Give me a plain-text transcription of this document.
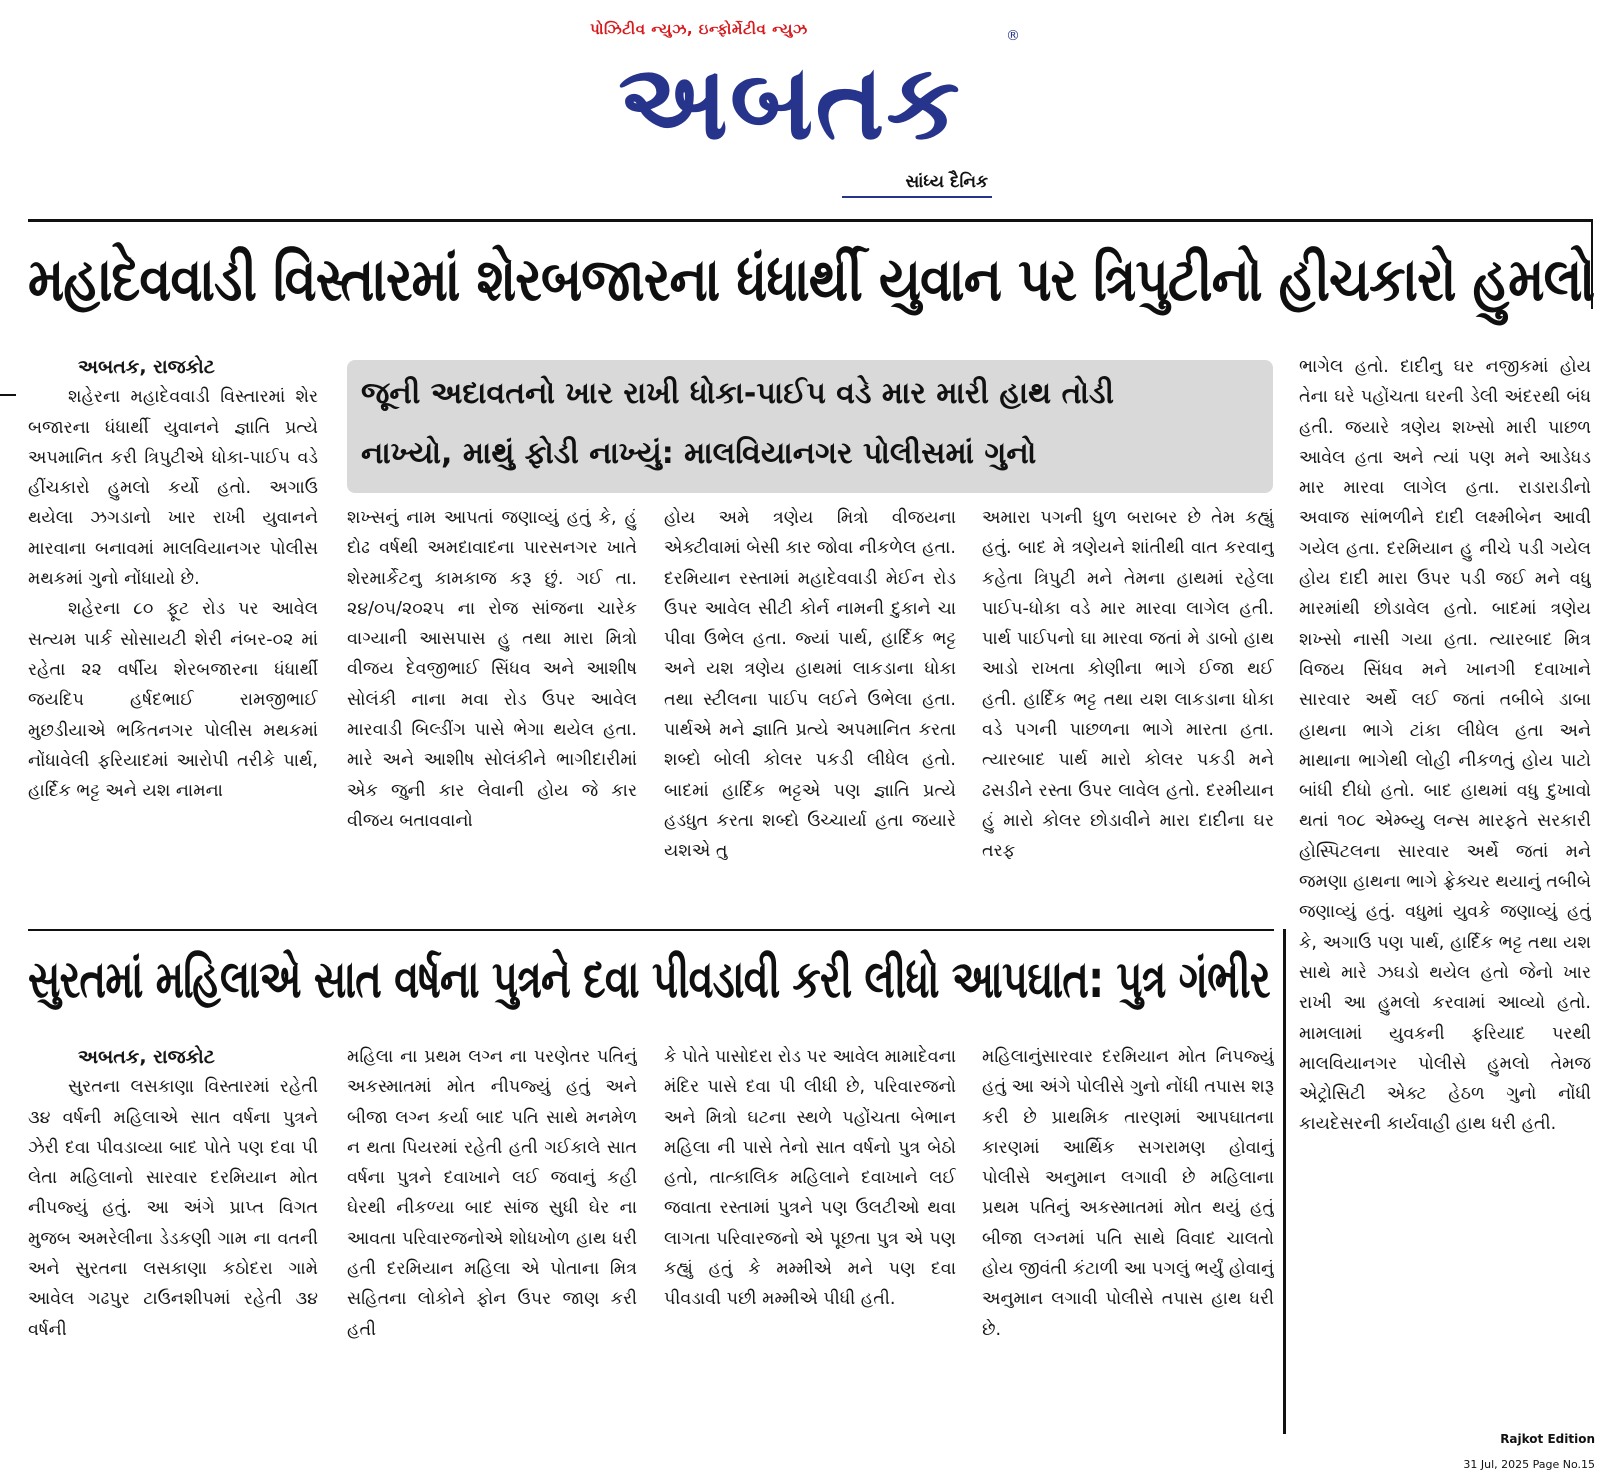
પોઝિટીવ ન્યુઝ, ઇન્ફોર્મેટીવ ન્યુઝ
અબતક
®
સાંધ્ય દૈનિક
મહાદેવવાડી વિસ્તારમાં શેરબજારના ધંધાર્થી યુવાન પર ત્રિપુટીનો હીચકારો હુમલો
જૂની અદાવતનો ખાર રાખી ધોકા-પાઈપ વડે માર મારી હાથ તોડી
નાખ્યો, માથું ફોડી નાખ્યું: માલવિયાનગર પોલીસમાં ગુનો
અબતક, રાજકોટ

શહેરના મહાદેવવાડી વિસ્તારમાં શેર બજારના ધંધાર્થી યુવાનને જ્ઞાતિ પ્રત્યે અપમાનિત કરી ત્રિપુટીએ ધોકા-પાઈપ વડે હીંચકારો હુમલો કર્યો હતો. અગાઉ થયેલા ઝગડાનો ખાર રાખી યુવાનને મારવાના બનાવમાં માલવિયાનગર પોલીસ મથકમાં ગુનો નોંધાયો છે.

શહેરના ૮૦ ફૂટ રોડ પર આવેલ સત્યમ પાર્ક સોસાયટી શેરી નંબર-૦૨ માં રહેતા ૨૨ વર્ષીય શેરબજારના ધંધાર્થી જયદિપ હર્ષદભાઈ રામજીભાઈ મુછડીયાએ ભકિતનગર પોલીસ મથકમાં નોંધાવેલી ફરિયાદમાં આરોપી તરીકે પાર્થ, હાર્દિક ભટ્ટ અને યશ નામના

શખ્સનું નામ આપતાં જણાવ્યું હતું કે, હું દોઢ વર્ષથી અમદાવાદના પારસનગર ખાતે શેરમાર્કેટનુ કામકાજ કરૂ છું. ગઈ તા. ૨૪/૦૫/૨૦૨૫ ના રોજ સાંજના ચારેક વાગ્યાની આસપાસ હુ તથા મારા મિત્રો વીજય દેવજીભાઈ સિંધવ અને આશીષ સોલંકી નાના મવા રોડ ઉપર આવેલ મારવાડી બિલ્ડીંગ પાસે ભેગા થયેલ હતા. મારે અને આશીષ સોલંકીને ભાગીદારીમાં એક જુની કાર લેવાની હોય જે કાર વીજય બતાવવાનો

હોય અમે ત્રણેય મિત્રો વીજયના એક્ટીવામાં બેસી કાર જોવા નીકળેલ હતા. દરમિયાન રસ્તામાં મહાદેવવાડી મેઈન રોડ ઉપર આવેલ સીટી કોર્ન નામની દુકાને ચા પીવા ઉભેલ હતા. જ્યાં પાર્થ, હાર્દિક ભટ્ટ અને યશ ત્રણેય હાથમાં લાકડાના ધોકા તથા સ્ટીલના પાઈપ લઈને ઉભેલા હતા. પાર્થએ મને જ્ઞાતિ પ્રત્યે અપમાનિત કરતા શબ્દો બોલી કોલર પકડી લીધેલ હતો. બાદમાં હાર્દિક ભટ્ટએ પણ જ્ઞાતિ પ્રત્યે હડધુત કરતા શબ્દો ઉચ્ચાર્યા હતા જયારે યશએ તુ

અમારા પગની ધુળ બરાબર છે તેમ કહ્યું હતું. બાદ મે ત્રણેયને શાંતીથી વાત કરવાનુ કહેતા ત્રિપુટી મને તેમના હાથમાં રહેલા પાઈપ-ધોકા વડે માર મારવા લાગેલ હતી. પાર્થ પાઈપનો ઘા મારવા જતાં મે ડાબો હાથ આડો રાખતા કોણીના ભાગે ઈજા થઈ હતી. હાર્દિક ભટ્ટ તથા યશ લાકડાના ધોકા વડે પગની પાછળના ભાગે મારતા હતા. ત્યારબાદ પાર્થ મારો કોલર પકડી મને ઢસડીને રસ્તા ઉપર લાવેલ હતો. દરમીયાન હું મારો કોલર છોડાવીને મારા દાદીના ઘર તરફ

ભાગેલ હતો. દાદીનુ ઘર નજીકમાં હોય તેના ઘરે પહોંચતા ઘરની ડેલી અંદરથી બંધ હતી. જયારે ત્રણેય શખ્સો મારી પાછળ આવેલ હતા અને ત્યાં પણ મને આડેધડ માર મારવા લાગેલ હતા. રાડારાડીનો અવાજ સાંભળીને દાદી લક્ષ્મીબેન આવી ગયેલ હતા. દરમિયાન હુ નીચે પડી ગયેલ હોય દાદી મારા ઉપર પડી જઈ મને વધુ મારમાંથી છોડાવેલ હતો. બાદમાં ત્રણેય શખ્સો નાસી ગયા હતા. ત્યારબાદ મિત્ર વિજય સિંધવ મને ખાનગી દવાખાને સારવાર અર્થે લઈ જતાં તબીબે ડાબા હાથના ભાગે ટાંકા લીધેલ હતા અને માથાના ભાગેથી લોહી નીકળતું હોય પાટો બાંધી દીધો હતો. બાદ હાથમાં વધુ દુખાવો થતાં ૧૦૮ એમ્બ્યુ લન્સ મારફતે સરકારી હોસ્પિટલના સારવાર અર્થે જતાં મને જમણા હાથના ભાગે ફ્રેક્ચર થયાનું તબીબે જણાવ્યું હતું. વધુમાં યુવકે જણાવ્યું હતું કે, અગાઉ પણ પાર્થ, હાર્દિક ભટ્ટ તથા યશ સાથે મારે ઝઘડો થયેલ હતો જેનો ખાર રાખી આ હુમલો કરવામાં આવ્યો હતો. મામલામાં યુવકની ફરિયાદ પરથી માલવિયાનગર પોલીસે હુમલો તેમજ એટ્રોસિટી એક્ટ હેઠળ ગુનો નોંધી કાયદેસરની કાર્યવાહી હાથ ધરી હતી.

સુરતમાં મહિલાએ સાત વર્ષના પુત્રને દવા પીવડાવી કરી લીધો આપઘાત: પુત્ર ગંભીર
અબતક, રાજકોટ

સુરતના લસકાણા વિસ્તારમાં રહેતી ૩૪ વર્ષની મહિલાએ સાત વર્ષના પુત્રને ઝેરી દવા પીવડાવ્યા બાદ પોતે પણ દવા પી લેતા મહિલાનો સારવાર દરમિયાન મોત નીપજ્યું હતું. આ અંગે પ્રાપ્ત વિગત મુજબ અમરેલીના ડેડકણી ગામ ના વતની અને સુરતના લસકાણા કઠોદરા ગામે આવેલ ગઢપુર ટાઉનશીપમાં રહેતી ૩૪ વર્ષની

મહિલા ના પ્રથમ લગ્ન ના પરણેતર પતિનું અકસ્માતમાં મોત નીપજ્યું હતું અને બીજા લગ્ન કર્યા બાદ પતિ સાથે મનમેળ ન થતા પિયરમાં રહેતી હતી ગઈકાલે સાત વર્ષના પુત્રને દવાખાને લઈ જવાનું કહી ઘેરથી નીકળ્યા બાદ સાંજ સુધી ઘેર ના આવતા પરિવારજનોએ શોધખોળ હાથ ધરી હતી દરમિયાન મહિલા એ પોતાના મિત્ર સહિતના લોકોને ફોન ઉપર જાણ કરી હતી

કે પોતે પાસોદરા રોડ પર આવેલ મામાદેવના મંદિર પાસે દવા પી લીધી છે, પરિવારજનો અને મિત્રો ઘટના સ્થળે પહોંચતા બેભાન મહિલા ની પાસે તેનો સાત વર્ષનો પુત્ર બેઠો હતો, તાત્કાલિક મહિલાને દવાખાને લઈ જવાતા રસ્તામાં પુત્રને પણ ઉલટીઓ થવા લાગતા પરિવારજનો એ પૂછતા પુત્ર એ પણ કહ્યું હતું કે મમ્મીએ મને પણ દવા પીવડાવી પછી મમ્મીએ પીધી હતી.

મહિલાનુંસારવાર દરમિયાન મોત નિપજ્યું હતું આ અંગે પોલીસે ગુનો નોંધી તપાસ શરૂ કરી છે પ્રાથમિક તારણમાં આપઘાતના કારણમાં આર્થિક સગરામણ હોવાનું પોલીસે અનુમાન લગાવી છે મહિલાના પ્રથમ પતિનું અકસ્માતમાં મોત થયું હતું બીજા લગ્નમાં પતિ સાથે વિવાદ ચાલતો હોય જીવંતી કંટાળી આ પગલું ભર્યું હોવાનું અનુમાન લગાવી પોલીસે તપાસ હાથ ધરી છે.

Rajkot Edition
31 Jul, 2025 Page No.15
